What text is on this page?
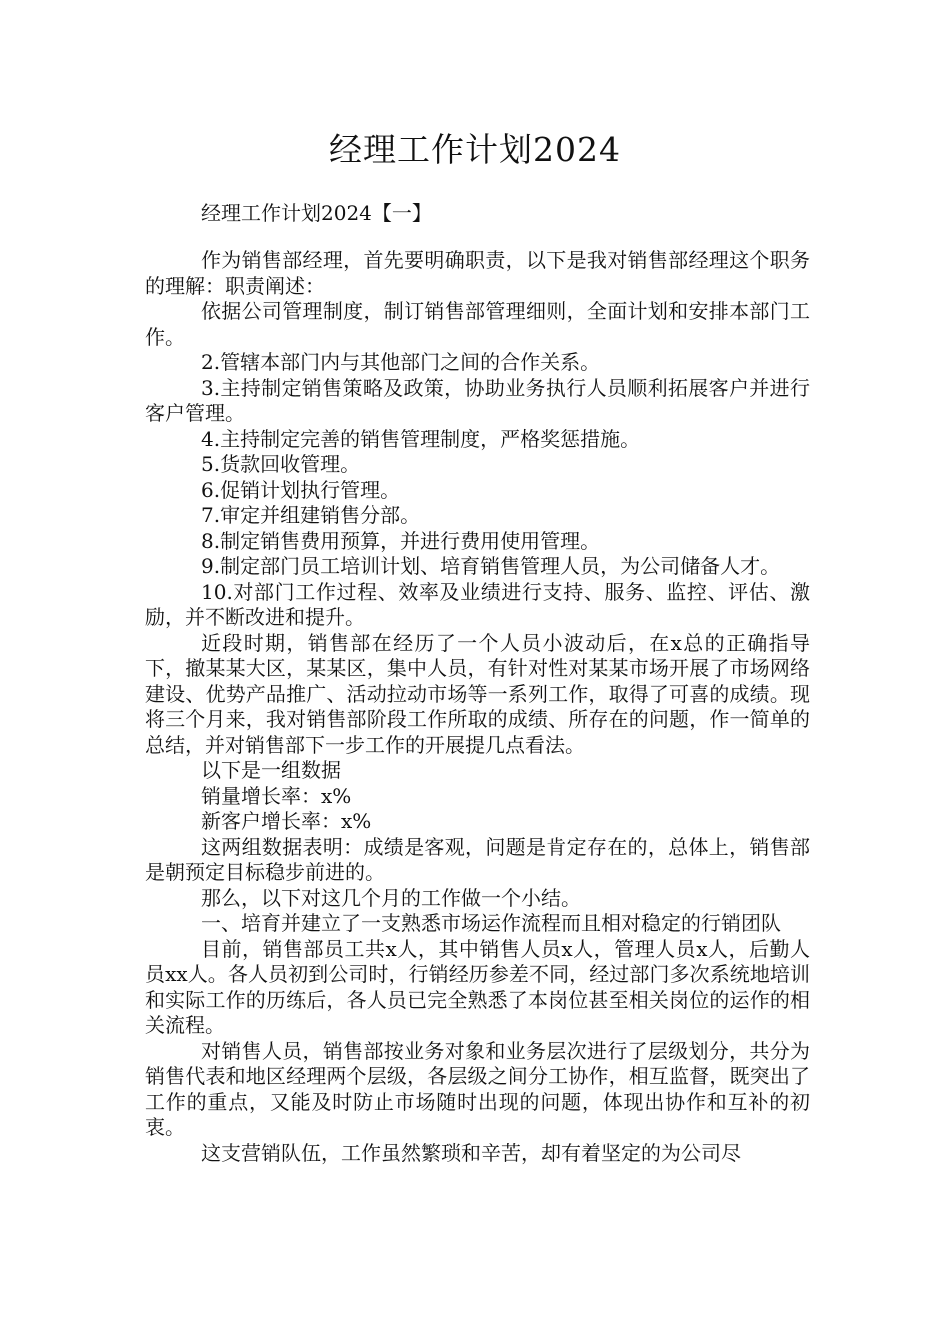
经理工作计划2024
经理工作计划2024【一】

作为销售部经理，首先要明确职责，以下是我对销售部经理这个职务的理解：职责阐述：

依据公司管理制度，制订销售部管理细则，全面计划和安排本部门工作。

2.管辖本部门内与其他部门之间的合作关系。

3.主持制定销售策略及政策，协助业务执行人员顺利拓展客户并进行客户管理。

4.主持制定完善的销售管理制度，严格奖惩措施。

5.货款回收管理。

6.促销计划执行管理。

7.审定并组建销售分部。

8.制定销售费用预算，并进行费用使用管理。

9.制定部门员工培训计划、培育销售管理人员，为公司储备人才。

10.对部门工作过程、效率及业绩进行支持、服务、监控、评估、激励，并不断改进和提升。

近段时期，销售部在经历了一个人员小波动后，在x总的正确指导下，撤某某大区，某某区，集中人员，有针对性对某某市场开展了市场网络建设、优势产品推广、活动拉动市场等一系列工作，取得了可喜的成绩。现将三个月来，我对销售部阶段工作所取的成绩、所存在的问题，作一简单的总结，并对销售部下一步工作的开展提几点看法。

以下是一组数据

销量增长率：x%

新客户增长率：x%

这两组数据表明：成绩是客观，问题是肯定存在的，总体上，销售部是朝预定目标稳步前进的。

那么，以下对这几个月的工作做一个小结。

一、培育并建立了一支熟悉市场运作流程而且相对稳定的行销团队

目前，销售部员工共x人，其中销售人员x人，管理人员x人，后勤人员xx人。各人员初到公司时，行销经历参差不同，经过部门多次系统地培训和实际工作的历练后，各人员已完全熟悉了本岗位甚至相关岗位的运作的相关流程。

对销售人员，销售部按业务对象和业务层次进行了层级划分，共分为销售代表和地区经理两个层级，各层级之间分工协作，相互监督，既突出了工作的重点，又能及时防止市场随时出现的问题，体现出协作和互补的初衷。

这支营销队伍，工作虽然繁琐和辛苦，却有着坚定的为公司尽
